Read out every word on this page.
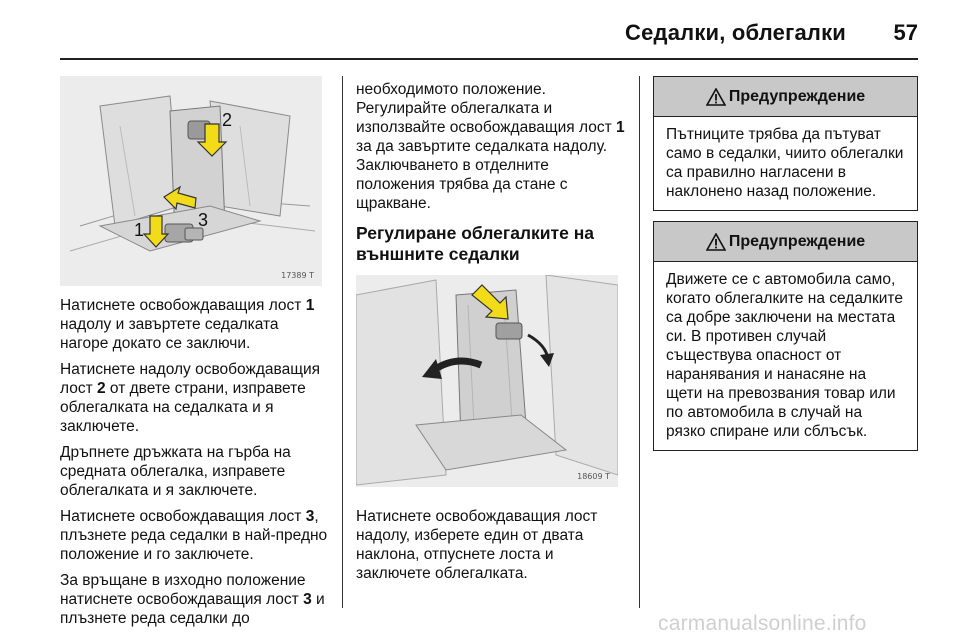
Седалки, облегалки 57
2
3
1
17389 T

Натиснете освобождаващия лост 1 надолу и завъртете седалката нагоре докато се заключи.

Натиснете надолу освобождаващия лост 2 от двете страни, изправете облегалката на седалката и я заключете.

Дръпнете дръжката на гърба на средната облегалка, изправете облегалката и я заключете.

Натиснете освобождаващия лост 3, плъзнете реда седалки в най-предно положение и го заключете.

За връщане в изходно положение натиснете освобождаващия лост 3 и плъзнете реда седалки до

необходимото положение. Регулирайте облегалката и използвайте освобождаващия лост 1 за да завъртите седалката надолу. Заключването в отделните положения трябва да стане с щракване.

Регулиране облегалките на външните седалки
18609 T

Натиснете освобождаващия лост надолу, изберете един от двата наклона, отпуснете лоста и заключете облегалката.

Предупреждение
Пътниците трябва да пътуват само в седалки, чиито облегалки са правилно нагласени в наклонено назад положение.
Предупреждение
Движете се с автомобила само, когато облегалките на седалките са добре заключени на местата си. В противен случай съществува опасност от наранявания и нанасяне на щети на превозвания товар или по автомобила в случай на рязко спиране или сблъсък.
carmanualsonline.info
